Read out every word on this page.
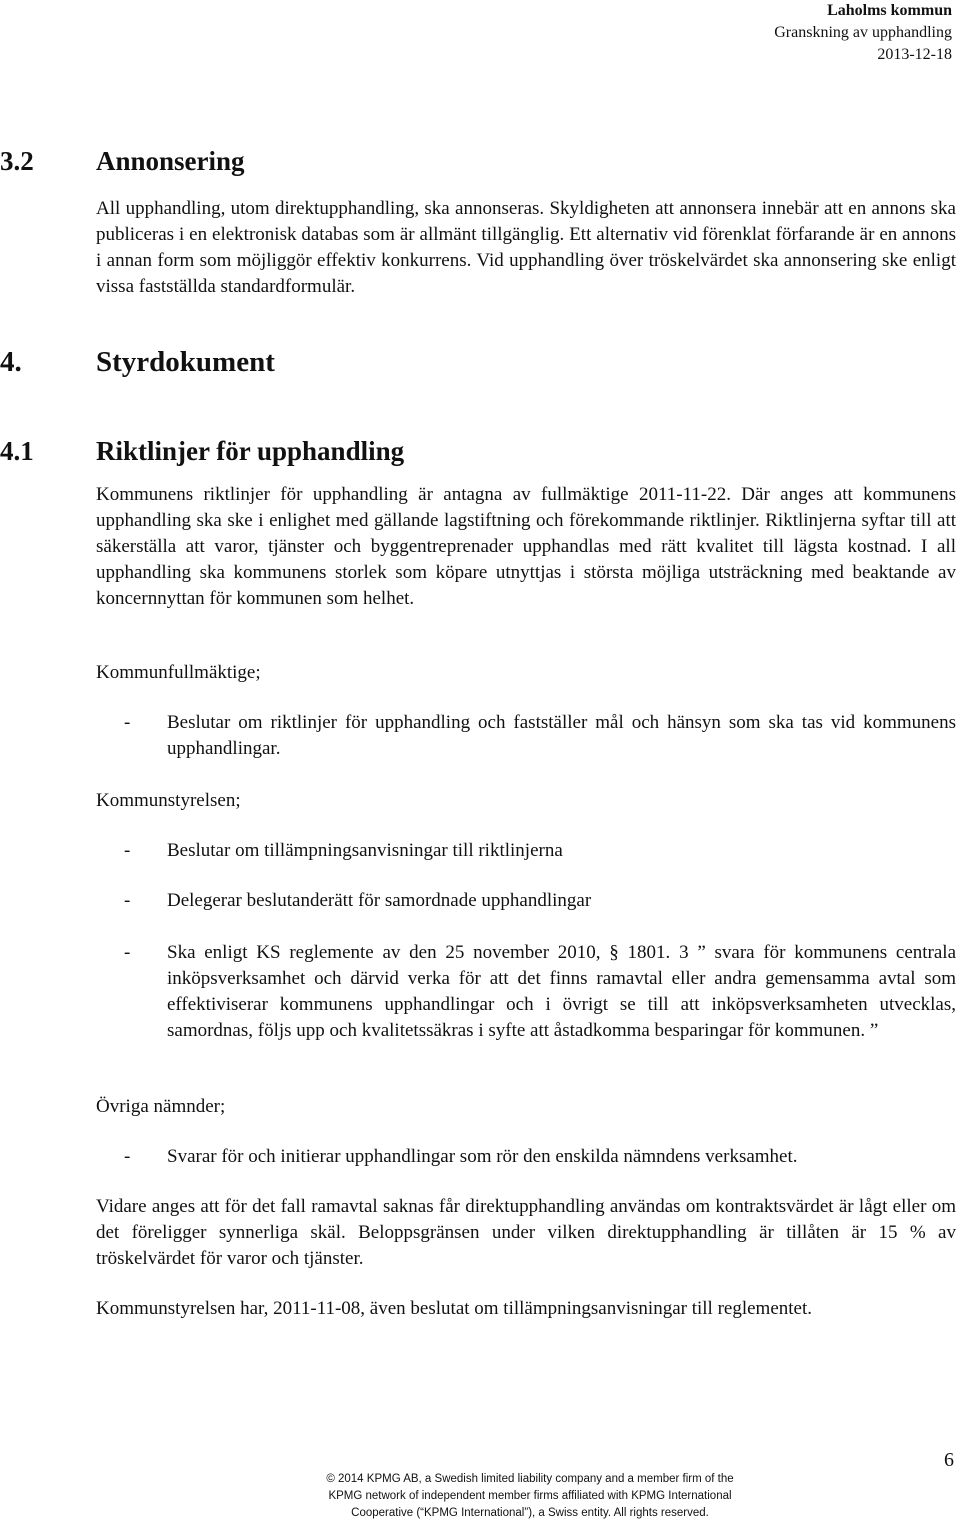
Laholms kommun
Granskning av upphandling
2013-12-18
3.2 Annonsering
All upphandling, utom direktupphandling, ska annonseras. Skyldigheten att annonsera innebär att en annons ska publiceras i en elektronisk databas som är allmänt tillgänglig. Ett alternativ vid förenklat förfarande är en annons i annan form som möjliggör effektiv konkurrens. Vid upphandling över tröskelvärdet ska annonsering ske enligt vissa fastställda standardformulär.
4.	Styrdokument
4.1 Riktlinjer för upphandling
Kommunens riktlinjer för upphandling är antagna av fullmäktige 2011-11-22. Där anges att kommunens upphandling ska ske i enlighet med gällande lagstiftning och förekommande riktlinjer. Riktlinjerna syftar till att säkerställa att varor, tjänster och byggentreprenader upphandlas med rätt kvalitet till lägsta kostnad. I all upphandling ska kommunens storlek som köpare utnyttjas i största möjliga utsträckning med beaktande av koncernnyttan för kommunen som helhet.
Kommunfullmäktige;
- Beslutar om riktlinjer för upphandling och fastställer mål och hänsyn som ska tas vid kommunens upphandlingar.
Kommunstyrelsen;
- Beslutar om tillämpningsanvisningar till riktlinjerna
- Delegerar beslutanderätt för samordnade upphandlingar
- Ska enligt KS reglemente av den 25 november 2010, § 1801. 3 ” svara för kommunens centrala inköpsverksamhet och därvid verka för att det finns ramavtal eller andra gemensamma avtal som effektiviserar kommunens upphandlingar och i övrigt se till att inköpsverksamheten utvecklas, samordnas, följs upp och kvalitetssäkras i syfte att åstadkomma besparingar för kommunen. ”
Övriga nämnder;
- Svarar för och initierar upphandlingar som rör den enskilda nämndens verksamhet.
Vidare anges att för det fall ramavtal saknas får direktupphandling användas om kontraktsvärdet är lågt eller om det föreligger synnerliga skäl. Beloppsgränsen under vilken direktupphandling är tillåten är 15 % av tröskelvärdet för varor och tjänster.
Kommunstyrelsen har, 2011-11-08, även beslutat om tillämpningsanvisningar till reglementet.
6
© 2014 KPMG AB, a Swedish limited liability company and a member firm of the
KPMG network of independent member firms affiliated with KPMG International
Cooperative (“KPMG International”), a Swiss entity. All rights reserved.
